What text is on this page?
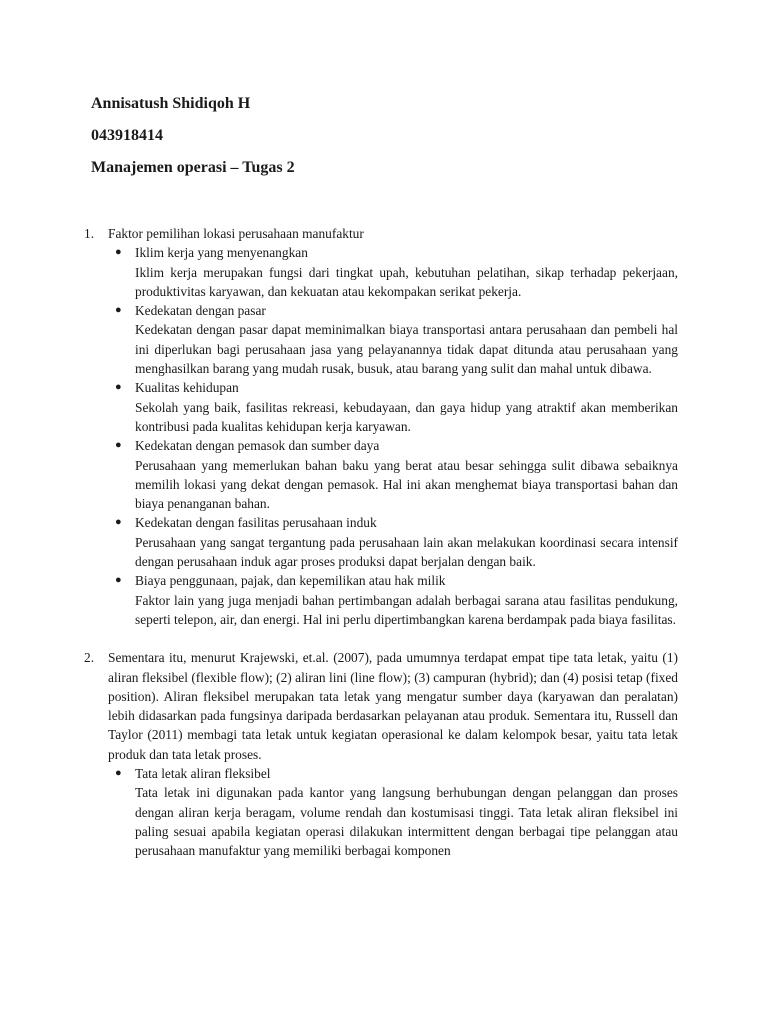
Annisatush Shidiqoh H
043918414
Manajemen operasi – Tugas 2
1.	Faktor pemilihan lokasi perusahaan manufaktur

● Iklim kerja yang menyenangkan
Iklim kerja merupakan fungsi dari tingkat upah, kebutuhan pelatihan, sikap terhadap pekerjaan, produktivitas karyawan, dan kekuatan atau kekompakan serikat pekerja.
● Kedekatan dengan pasar
Kedekatan dengan pasar dapat meminimalkan biaya transportasi antara perusahaan dan pembeli hal ini diperlukan bagi perusahaan jasa yang pelayanannya tidak dapat ditunda atau perusahaan yang menghasilkan barang yang mudah rusak, busuk, atau barang yang sulit dan mahal untuk dibawa.
● Kualitas kehidupan
Sekolah yang baik, fasilitas rekreasi, kebudayaan, dan gaya hidup yang atraktif akan memberikan kontribusi pada kualitas kehidupan kerja karyawan.
● Kedekatan dengan pemasok dan sumber daya
Perusahaan yang memerlukan bahan baku yang berat atau besar sehingga sulit dibawa sebaiknya memilih lokasi yang dekat dengan pemasok. Hal ini akan menghemat biaya transportasi bahan dan biaya penanganan bahan.
● Kedekatan dengan fasilitas perusahaan induk
Perusahaan yang sangat tergantung pada perusahaan lain akan melakukan koordinasi secara intensif dengan perusahaan induk agar proses produksi dapat berjalan dengan baik.
● Biaya penggunaan, pajak, dan kepemilikan atau hak milik
Faktor lain yang juga menjadi bahan pertimbangan adalah berbagai sarana atau fasilitas pendukung, seperti telepon, air, dan energi. Hal ini perlu dipertimbangkan karena berdampak pada biaya fasilitas.
2.	Sementara itu, menurut Krajewski, et.al. (2007), pada umumnya terdapat empat tipe tata letak, yaitu (1) aliran fleksibel (flexible flow); (2) aliran lini (line flow); (3) campuran (hybrid); dan (4) posisi tetap (fixed position). Aliran fleksibel merupakan tata letak yang mengatur sumber daya (karyawan dan peralatan) lebih didasarkan pada fungsinya daripada berdasarkan pelayanan atau produk. Sementara itu, Russell dan Taylor (2011) membagi tata letak untuk kegiatan operasional ke dalam kelompok besar, yaitu tata letak produk dan tata letak proses.

● Tata letak aliran fleksibel
Tata letak ini digunakan pada kantor yang langsung berhubungan dengan pelanggan dan proses dengan aliran kerja beragam, volume rendah dan kostumisasi tinggi. Tata letak aliran fleksibel ini paling sesuai apabila kegiatan operasi dilakukan intermittent dengan berbagai tipe pelanggan atau perusahaan manufaktur yang memiliki berbagai komponen
